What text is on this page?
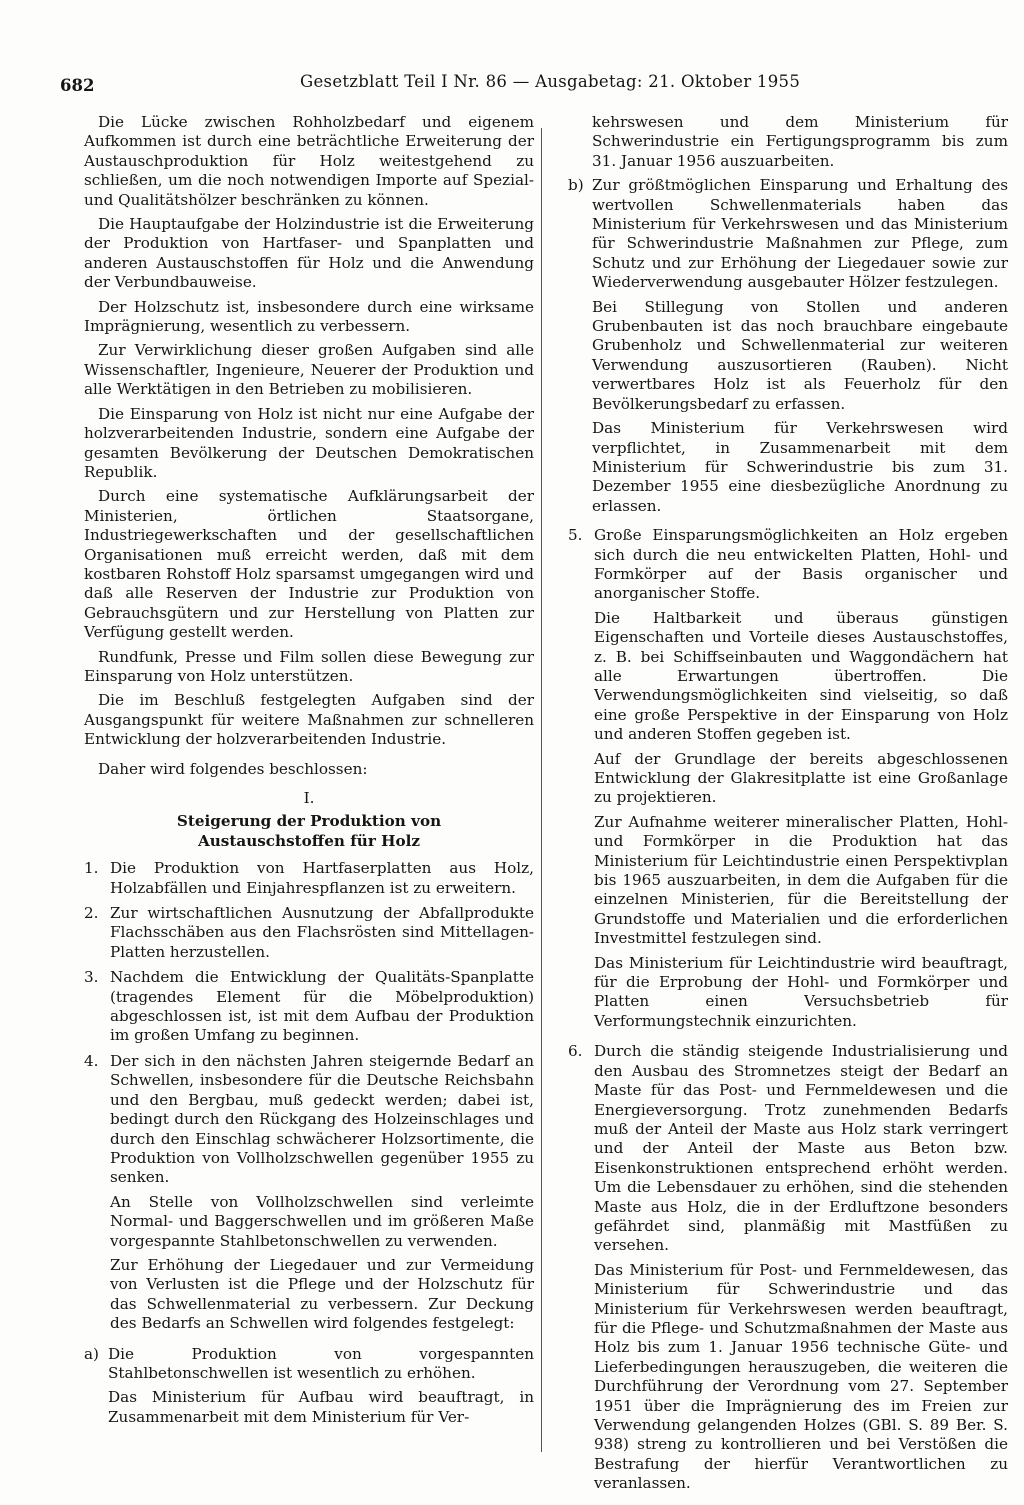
682	Gesetzblatt Teil I Nr. 86 — Ausgabetag: 21. Oktober 1955

Die Lücke zwischen Rohholzbedarf und eigenem Aufkommen ist durch eine beträchtliche Erweiterung der Austauschproduktion für Holz weitestgehend zu schließen, um die noch notwendigen Importe auf Spezial- und Qualitätshölzer beschränken zu können.

Die Hauptaufgabe der Holzindustrie ist die Erweiterung der Produktion von Hartfaser- und Spanplatten und anderen Austauschstoffen für Holz und die Anwendung der Verbundbauweise.

Der Holzschutz ist, insbesondere durch eine wirksame Imprägnierung, wesentlich zu verbessern.

Zur Verwirklichung dieser großen Aufgaben sind alle Wissenschaftler, Ingenieure, Neuerer der Produktion und alle Werktätigen in den Betrieben zu mobilisieren.

Die Einsparung von Holz ist nicht nur eine Aufgabe der holzverarbeitenden Industrie, sondern eine Aufgabe der gesamten Bevölkerung der Deutschen Demokratischen Republik.

Durch eine systematische Aufklärungsarbeit der Ministerien, örtlichen Staatsorgane, Industriegewerkschaften und der gesellschaftlichen Organisationen muß erreicht werden, daß mit dem kostbaren Rohstoff Holz sparsamst umgegangen wird und daß alle Reserven der Industrie zur Produktion von Gebrauchsgütern und zur Herstellung von Platten zur Verfügung gestellt werden.

Rundfunk, Presse und Film sollen diese Bewegung zur Einsparung von Holz unterstützen.

Die im Beschluß festgelegten Aufgaben sind der Ausgangspunkt für weitere Maßnahmen zur schnelleren Entwicklung der holzverarbeitenden Industrie.

Daher wird folgendes beschlossen:

I.
Steigerung der Produktion von Austauschstoffen für Holz
1. Die Produktion von Hartfaserplatten aus Holz, Holzabfällen und Einjahrespflanzen ist zu erweitern.
2. Zur wirtschaftlichen Ausnutzung der Abfallprodukte Flachsschäben aus den Flachsrösten sind Mittellagen-Platten herzustellen.
3. Nachdem die Entwicklung der Qualitäts-Spanplatte (tragendes Element für die Möbelproduktion) abgeschlossen ist, ist mit dem Aufbau der Produktion im großen Umfang zu beginnen.
4. Der sich in den nächsten Jahren steigernde Bedarf an Schwellen, insbesondere für die Deutsche Reichsbahn und den Bergbau, muß gedeckt werden; dabei ist, bedingt durch den Rückgang des Holzeinschlages und durch den Einschlag schwächerer Holzsortimente, die Produktion von Vollholzschwellen gegenüber 1955 zu senken.

An Stelle von Vollholzschwellen sind verleimte Normal- und Baggerschwellen und im größeren Maße vorgespannte Stahlbetonschwellen zu verwenden.

Zur Erhöhung der Liegedauer und zur Vermeidung von Verlusten ist die Pflege und der Holzschutz für das Schwellenmaterial zu verbessern. Zur Deckung des Bedarfs an Schwellen wird folgendes festgelegt:

a) Die Produktion von vorgespannten Stahlbetonschwellen ist wesentlich zu erhöhen.

Das Ministerium für Aufbau wird beauftragt, in Zusammenarbeit mit dem Ministerium für Ver-

kehrswesen und dem Ministerium für Schwerindustrie ein Fertigungsprogramm bis zum 31. Januar 1956 auszuarbeiten.

b) Zur größtmöglichen Einsparung und Erhaltung des wertvollen Schwellenmaterials haben das Ministerium für Verkehrswesen und das Ministerium für Schwerindustrie Maßnahmen zur Pflege, zum Schutz und zur Erhöhung der Liegedauer sowie zur Wiederverwendung ausgebauter Hölzer festzulegen.

Bei Stillegung von Stollen und anderen Grubenbauten ist das noch brauchbare eingebaute Grubenholz und Schwellenmaterial zur weiteren Verwendung auszusortieren (Rauben). Nicht verwertbares Holz ist als Feuerholz für den Bevölkerungsbedarf zu erfassen.

Das Ministerium für Verkehrswesen wird verpflichtet, in Zusammenarbeit mit dem Ministerium für Schwerindustrie bis zum 31. Dezember 1955 eine diesbezügliche Anordnung zu erlassen.

5. Große Einsparungsmöglichkeiten an Holz ergeben sich durch die neu entwickelten Platten, Hohl- und Formkörper auf der Basis organischer und anorganischer Stoffe.

Die Haltbarkeit und überaus günstigen Eigenschaften und Vorteile dieses Austauschstoffes, z. B. bei Schiffseinbauten und Waggondächern hat alle Erwartungen übertroffen. Die Verwendungsmöglichkeiten sind vielseitig, so daß eine große Perspektive in der Einsparung von Holz und anderen Stoffen gegeben ist.

Auf der Grundlage der bereits abgeschlossenen Entwicklung der Glakresitplatte ist eine Großanlage zu projektieren.

Zur Aufnahme weiterer mineralischer Platten, Hohl- und Formkörper in die Produktion hat das Ministerium für Leichtindustrie einen Perspektivplan bis 1965 auszuarbeiten, in dem die Aufgaben für die einzelnen Ministerien, für die Bereitstellung der Grundstoffe und Materialien und die erforderlichen Investmittel festzulegen sind.

Das Ministerium für Leichtindustrie wird beauftragt, für die Erprobung der Hohl- und Formkörper und Platten einen Versuchsbetrieb für Verformungstechnik einzurichten.

6. Durch die ständig steigende Industrialisierung und den Ausbau des Stromnetzes steigt der Bedarf an Maste für das Post- und Fernmeldewesen und die Energieversorgung. Trotz zunehmenden Bedarfs muß der Anteil der Maste aus Holz stark verringert und der Anteil der Maste aus Beton bzw. Eisenkonstruktionen entsprechend erhöht werden. Um die Lebensdauer zu erhöhen, sind die stehenden Maste aus Holz, die in der Erdluftzone besonders gefährdet sind, planmäßig mit Mastfüßen zu versehen.

Das Ministerium für Post- und Fernmeldewesen, das Ministerium für Schwerindustrie und das Ministerium für Verkehrswesen werden beauftragt, für die Pflege- und Schutzmaßnahmen der Maste aus Holz bis zum 1. Januar 1956 technische Güte- und Lieferbedingungen herauszugeben, die weiteren die Durchführung der Verordnung vom 27. September 1951 über die Imprägnierung des im Freien zur Verwendung gelangenden Holzes (GBl. S. 89 Ber. S. 938) streng zu kontrollieren und bei Verstößen die Bestrafung der hierfür Verantwortlichen zu veranlassen.
